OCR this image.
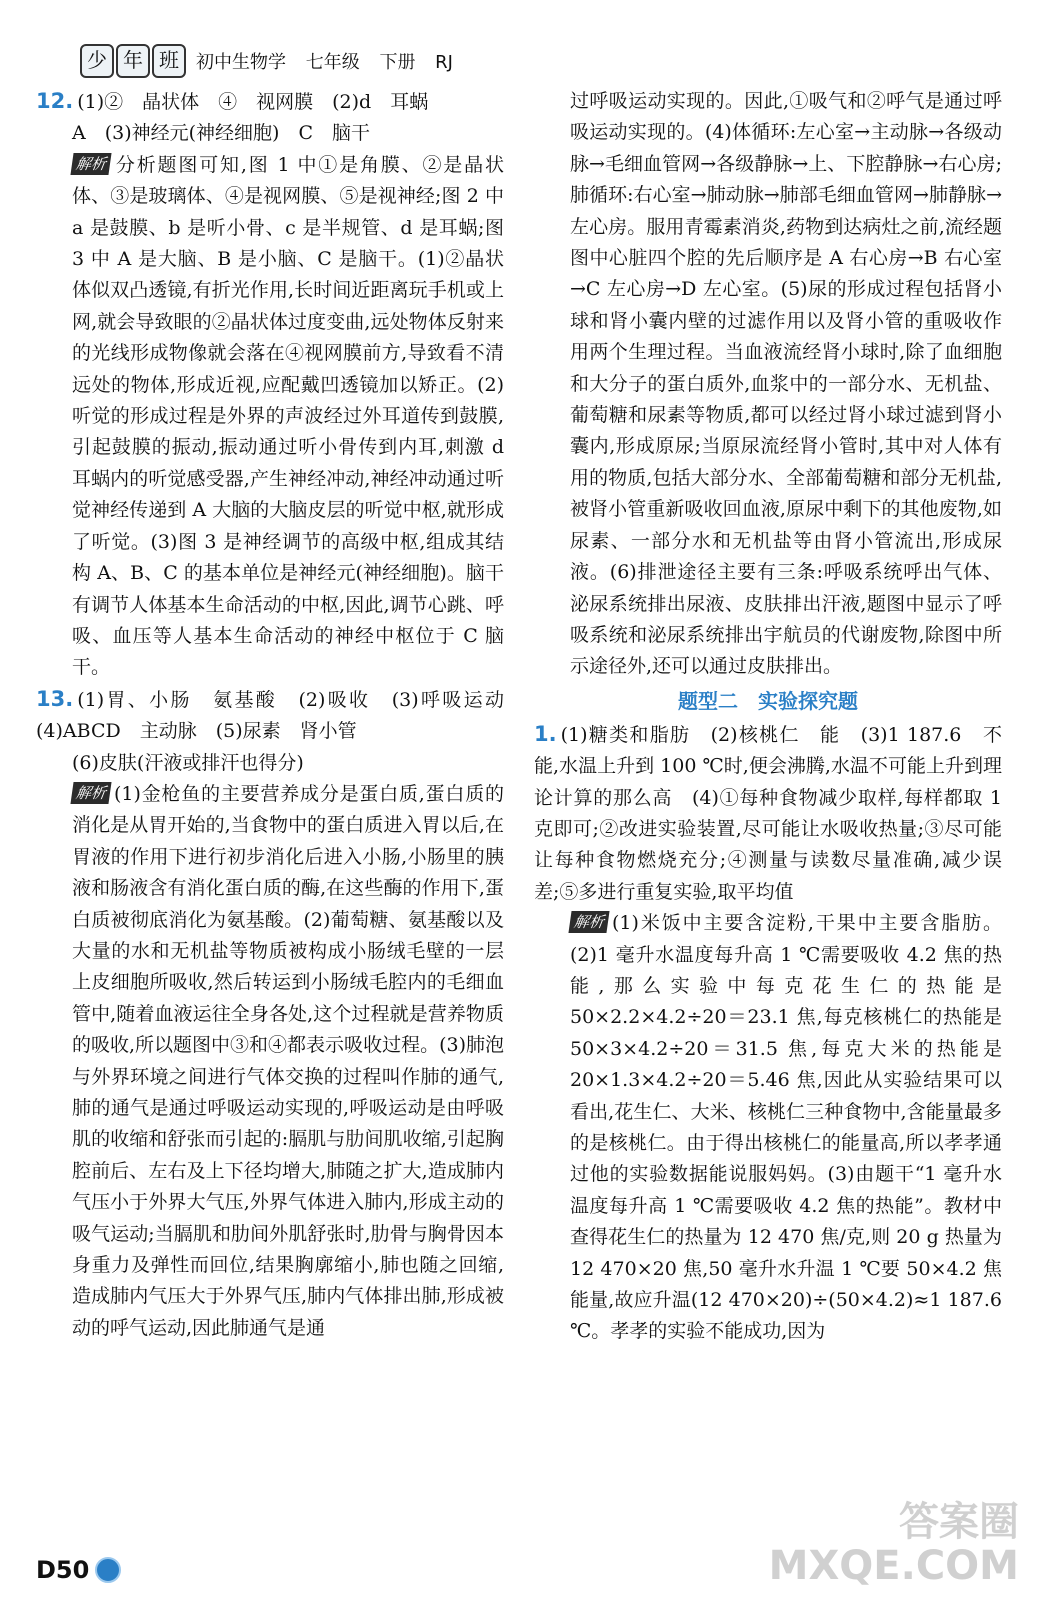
少 年 班 初中生物学 七年级 下册 RJ

12. (1)②　晶状体　④　视网膜　(2)d　耳蜗

A　(3)神经元(神经细胞)　C　脑干

解析 分析题图可知,图 1 中①是角膜、②是晶状体、③是玻璃体、④是视网膜、⑤是视神经;图 2 中 a 是鼓膜、b 是听小骨、c 是半规管、d 是耳蜗;图 3 中 A 是大脑、B 是小脑、C 是脑干。(1)②晶状体似双凸透镜,有折光作用,长时间近距离玩手机或上网,就会导致眼的②晶状体过度变曲,远处物体反射来的光线形成物像就会落在④视网膜前方,导致看不清远处的物体,形成近视,应配戴凹透镜加以矫正。(2)听觉的形成过程是外界的声波经过外耳道传到鼓膜,引起鼓膜的振动,振动通过听小骨传到内耳,刺激 d 耳蜗内的听觉感受器,产生神经冲动,神经冲动通过听觉神经传递到 A 大脑的大脑皮层的听觉中枢,就形成了听觉。(3)图 3 是神经调节的高级中枢,组成其结构 A、B、C 的基本单位是神经元(神经细胞)。脑干有调节人体基本生命活动的中枢,因此,调节心跳、呼吸、血压等人基本生命活动的神经中枢位于 C 脑干。

13. (1)胃、小肠　氨基酸　(2)吸收　(3)呼吸运动　(4)ABCD　主动脉　(5)尿素　肾小管

(6)皮肤(汗液或排汗也得分)

解析 (1)金枪鱼的主要营养成分是蛋白质,蛋白质的消化是从胃开始的,当食物中的蛋白质进入胃以后,在胃液的作用下进行初步消化后进入小肠,小肠里的胰液和肠液含有消化蛋白质的酶,在这些酶的作用下,蛋白质被彻底消化为氨基酸。(2)葡萄糖、氨基酸以及大量的水和无机盐等物质被构成小肠绒毛壁的一层上皮细胞所吸收,然后转运到小肠绒毛腔内的毛细血管中,随着血液运往全身各处,这个过程就是营养物质的吸收,所以题图中③和④都表示吸收过程。(3)肺泡与外界环境之间进行气体交换的过程叫作肺的通气,肺的通气是通过呼吸运动实现的,呼吸运动是由呼吸肌的收缩和舒张而引起的:膈肌与肋间肌收缩,引起胸腔前后、左右及上下径均增大,肺随之扩大,造成肺内气压小于外界大气压,外界气体进入肺内,形成主动的吸气运动;当膈肌和肋间外肌舒张时,肋骨与胸骨因本身重力及弹性而回位,结果胸廓缩小,肺也随之回缩,造成肺内气压大于外界气压,肺内气体排出肺,形成被动的呼气运动,因此肺通气是通

过呼吸运动实现的。因此,①吸气和②呼气是通过呼吸运动实现的。(4)体循环:左心室→主动脉→各级动脉→毛细血管网→各级静脉→上、下腔静脉→右心房;肺循环:右心室→肺动脉→肺部毛细血管网→肺静脉→左心房。服用青霉素消炎,药物到达病灶之前,流经题图中心脏四个腔的先后顺序是 A 右心房→B 右心室→C 左心房→D 左心室。(5)尿的形成过程包括肾小球和肾小囊内壁的过滤作用以及肾小管的重吸收作用两个生理过程。当血液流经肾小球时,除了血细胞和大分子的蛋白质外,血浆中的一部分水、无机盐、葡萄糖和尿素等物质,都可以经过肾小球过滤到肾小囊内,形成原尿;当原尿流经肾小管时,其中对人体有用的物质,包括大部分水、全部葡萄糖和部分无机盐,被肾小管重新吸收回血液,原尿中剩下的其他废物,如尿素、一部分水和无机盐等由肾小管流出,形成尿液。(6)排泄途径主要有三条:呼吸系统呼出气体、泌尿系统排出尿液、皮肤排出汗液,题图中显示了呼吸系统和泌尿系统排出宇航员的代谢废物,除图中所示途径外,还可以通过皮肤排出。

题型二　实验探究题

1. (1)糖类和脂肪　(2)核桃仁　能　(3)1 187.6　不能,水温上升到 100 ℃时,便会沸腾,水温不可能上升到理论计算的那么高　(4)①每种食物减少取样,每样都取 1 克即可;②改进实验装置,尽可能让水吸收热量;③尽可能让每种食物燃烧充分;④测量与读数尽量准确,减少误差;⑤多进行重复实验,取平均值

解析 (1)米饭中主要含淀粉,干果中主要含脂肪。(2)1 毫升水温度每升高 1 ℃需要吸收 4.2 焦的热能,那么实验中每克花生仁的热能是 50×2.2×4.2÷20＝23.1 焦,每克核桃仁的热能是 50×3×4.2÷20＝31.5 焦,每克大米的热能是 20×1.3×4.2÷20＝5.46 焦,因此从实验结果可以看出,花生仁、大米、核桃仁三种食物中,含能量最多的是核桃仁。由于得出核桃仁的能量高,所以孝孝通过他的实验数据能说服妈妈。(3)由题干“1 毫升水温度每升高 1 ℃需要吸收 4.2 焦的热能”。教材中查得花生仁的热量为 12 470 焦/克,则 20 g 热量为 12 470×20 焦,50 毫升水升温 1 ℃要 50×4.2 焦能量,故应升温(12 470×20)÷(50×4.2)≈1 187.6 ℃。孝孝的实验不能成功,因为

D50
答案圈
MXQE.COM
